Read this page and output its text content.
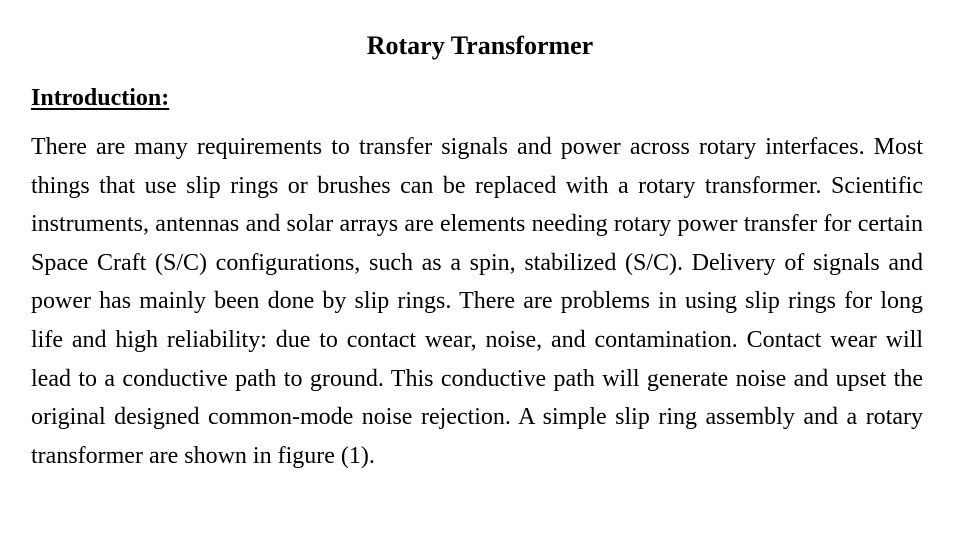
Rotary Transformer
Introduction:

There are many requirements to transfer signals and power across rotary interfaces. Most things that use slip rings or brushes can be replaced with a rotary transformer. Scientific instruments, antennas and solar arrays are elements needing rotary power transfer for certain Space Craft (S/C) configurations, such as a spin, stabilized (S/C). Delivery of signals and power has mainly been done by slip rings. There are problems in using slip rings for long life and high reliability: due to contact wear, noise, and contamination. Contact wear will lead to a conductive path to ground. This conductive path will generate noise and upset the original designed common-mode noise rejection. A simple slip ring assembly and a rotary transformer are shown in figure (1).
